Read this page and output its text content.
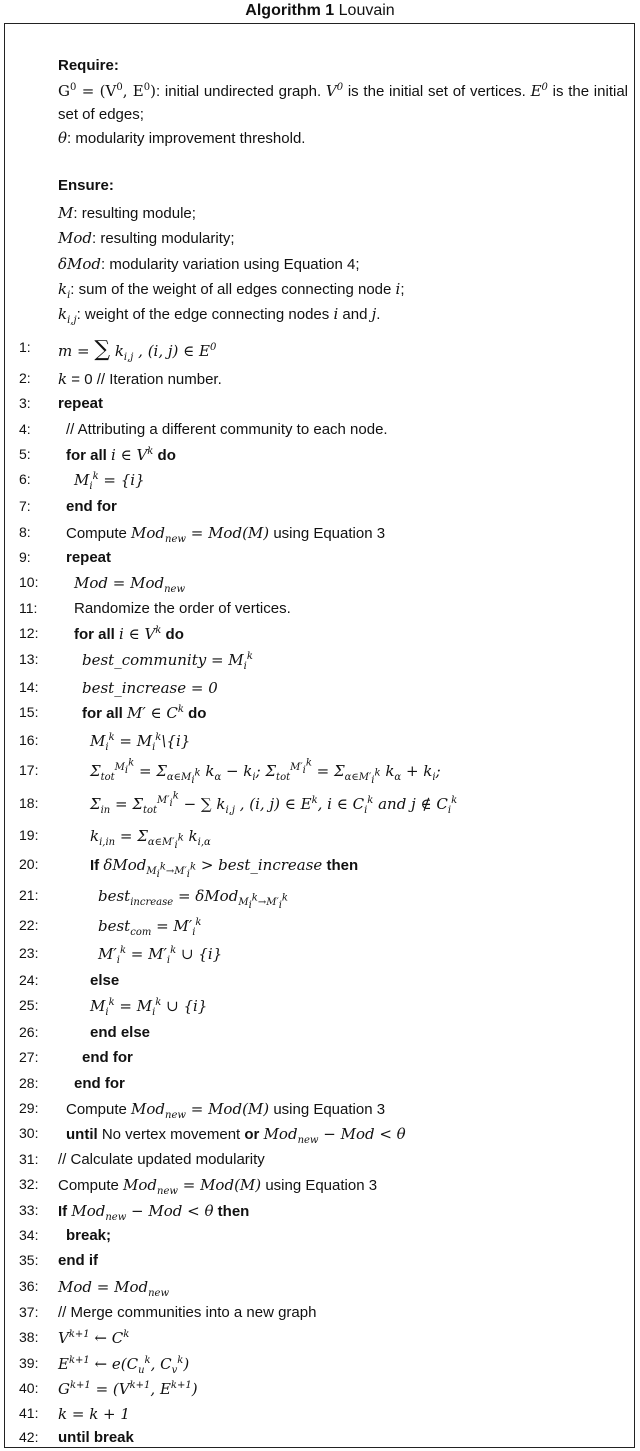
Algorithm 1 Louvain
Require:
$G^0 = (V^0$, $E^0$): initial undirected graph. $V^0$ is the initial set of vertices. $E^0$ is the initial set of edges;
θ: modularity improvement threshold.
Ensure:
M: resulting module;
Mod: resulting modularity;
δMod: modularity variation using Equation 4;
$k_i$: sum of the weight of all edges connecting node i;
$k_{i,j}$: weight of the edge connecting nodes i and j.
1: m = ∑ $k_{i,j}$ , (i, j) ∈ $E^0$
2: k = 0 // Iteration number.
3: repeat
4: // Attributing a different community to each node.
5: for all i ∈ $V^k$ do
6:	$M_i^k = \{i\}$
7: end for
8: Compute Mod$_{new}$ = Mod(M) using Equation 3
9: repeat
10: Mod = Mod$_{new}$
11: Randomize the order of vertices.
12: for all i ∈ $V^k$ do
13:	best_community = $M_i^k$
14:	best_increase = 0
15:	for all M′ ∈ $C^k$ do
16:	$M_i^k$ = $M_i^k\backslash\{i\}$
17:	$\Sigma_{tot}^{M_i^k} = \Sigma_{\alpha\in M_i^k}$ $k_\alpha - k_i$; $\Sigma_{tot}^{M'_i^k} = \Sigma_{\alpha\in M'_i^k}$ $k_\alpha + k_i$;
18:	$\Sigma_{in} = \Sigma_{tot}^{M'_i^k}$ − ∑ $k_{i,j}$ , (i, j) ∈ $E^k$, i ∈ $C_i^k$ and j ∉ $C_i^k$
19:	$k_{i,in} = \Sigma_{\alpha\in M'_i^k}$ $k_{i,\alpha}$
20:	If δMod$_{M_i^k\to M'_i^k}$ > best_increase then
21:	best$_{increase}$ = δMod$_{M_i^k\to M'_i^k}$
22:	best$_{com}$ = $M'_i^k$
23:	$M'_i^k = M'_i^k$ ∪ {i}
24:	else
25:	$M_i^k = M_i^k$ ∪ {i}
26:	end else
27:	end for
28: end for
29: Compute Mod$_{new}$ = Mod(M) using Equation 3
30: until No vertex movement or Mod$_{new}$ − Mod < θ
31: // Calculate updated modularity
32: Compute Mod$_{new}$ = Mod(M) using Equation 3
33: If Mod$_{new}$ − Mod < θ then
34: break;
35: end if
36: Mod = Mod$_{new}$
37: // Merge communities into a new graph
38: $V^{k+1}$ ← $C^k$
39: $E^{k+1}$ ← $e(C_u^k$, $C_v^k$)
40: $G^{k+1} = (V^{k+1}$, $E^{k+1}$)
41: k = k + 1
42: until break
